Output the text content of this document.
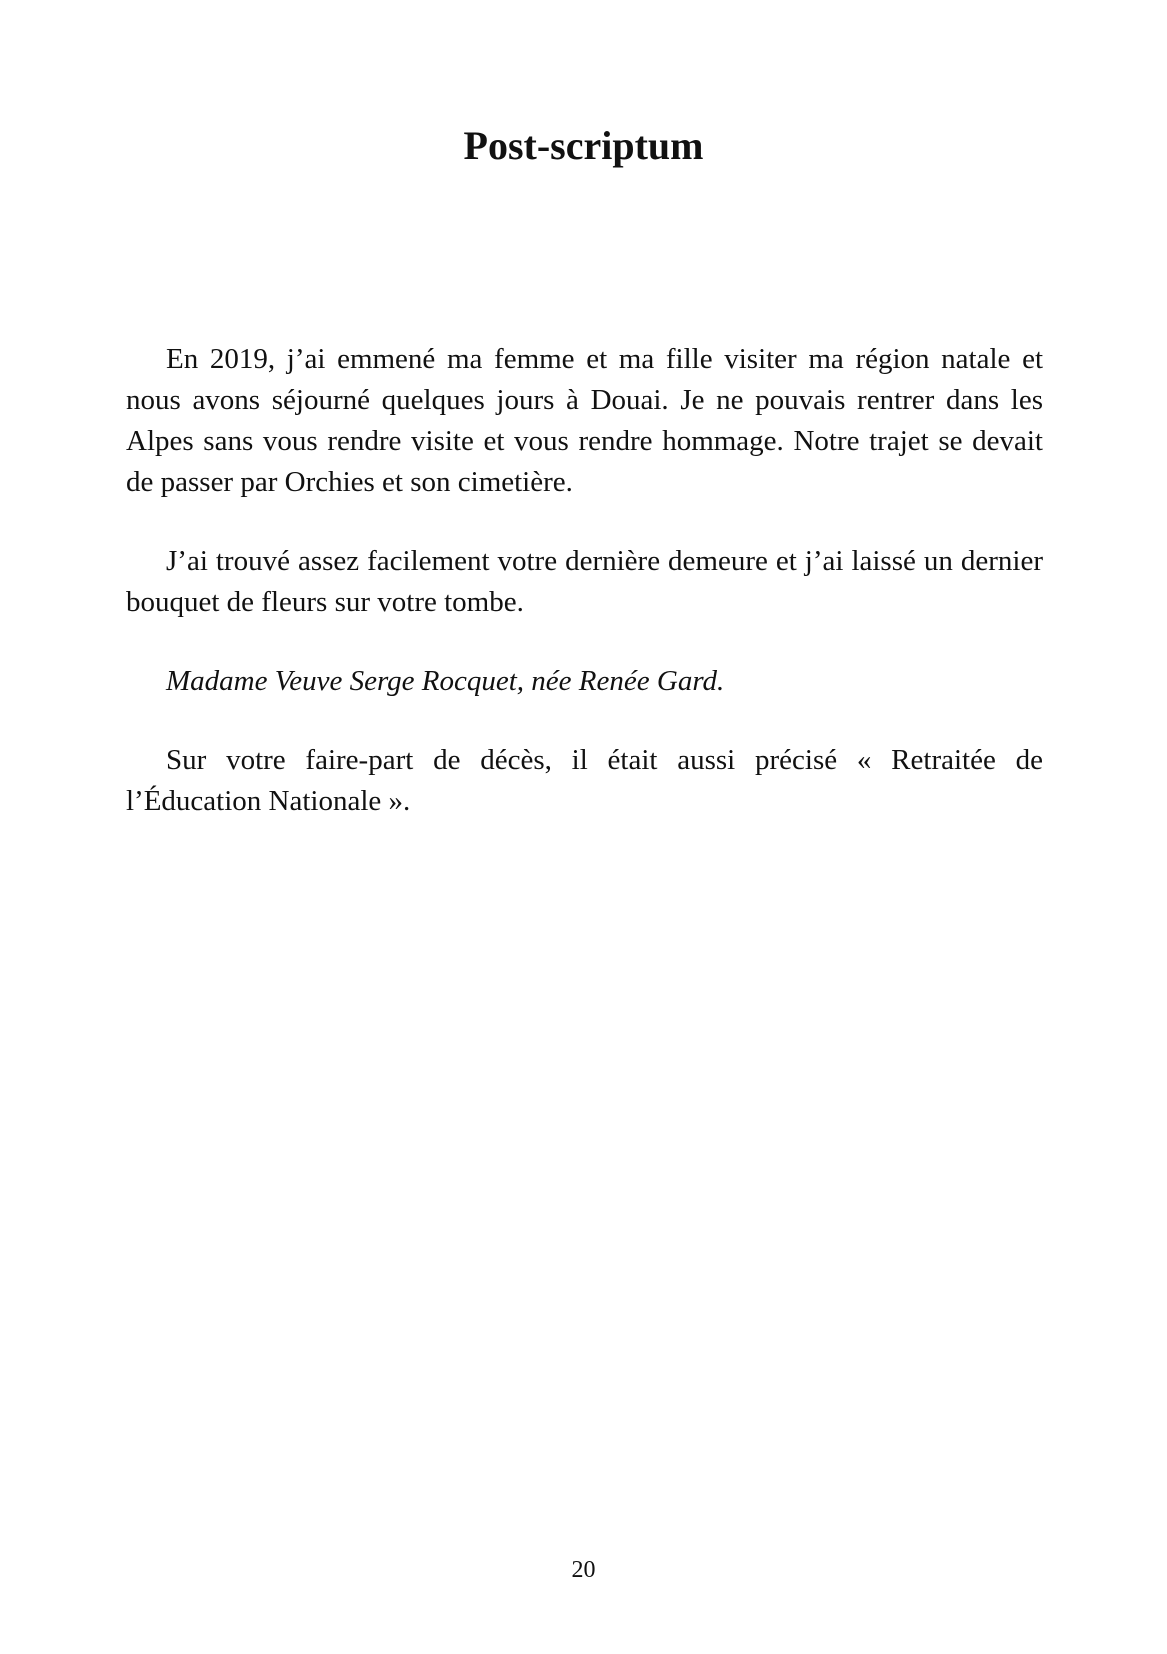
Post-scriptum

En 2019, j’ai emmené ma femme et ma fille visiter ma région natale et nous avons séjourné quelques jours à Douai. Je ne pouvais rentrer dans les Alpes sans vous rendre visite et vous rendre hommage. Notre trajet se devait de passer par Orchies et son cimetière.

J’ai trouvé assez facilement votre dernière demeure et j’ai laissé un dernier bouquet de fleurs sur votre tombe.

Madame Veuve Serge Rocquet, née Renée Gard.

Sur votre faire-part de décès, il était aussi précisé « Retraitée de l’Éducation Nationale ».

20
